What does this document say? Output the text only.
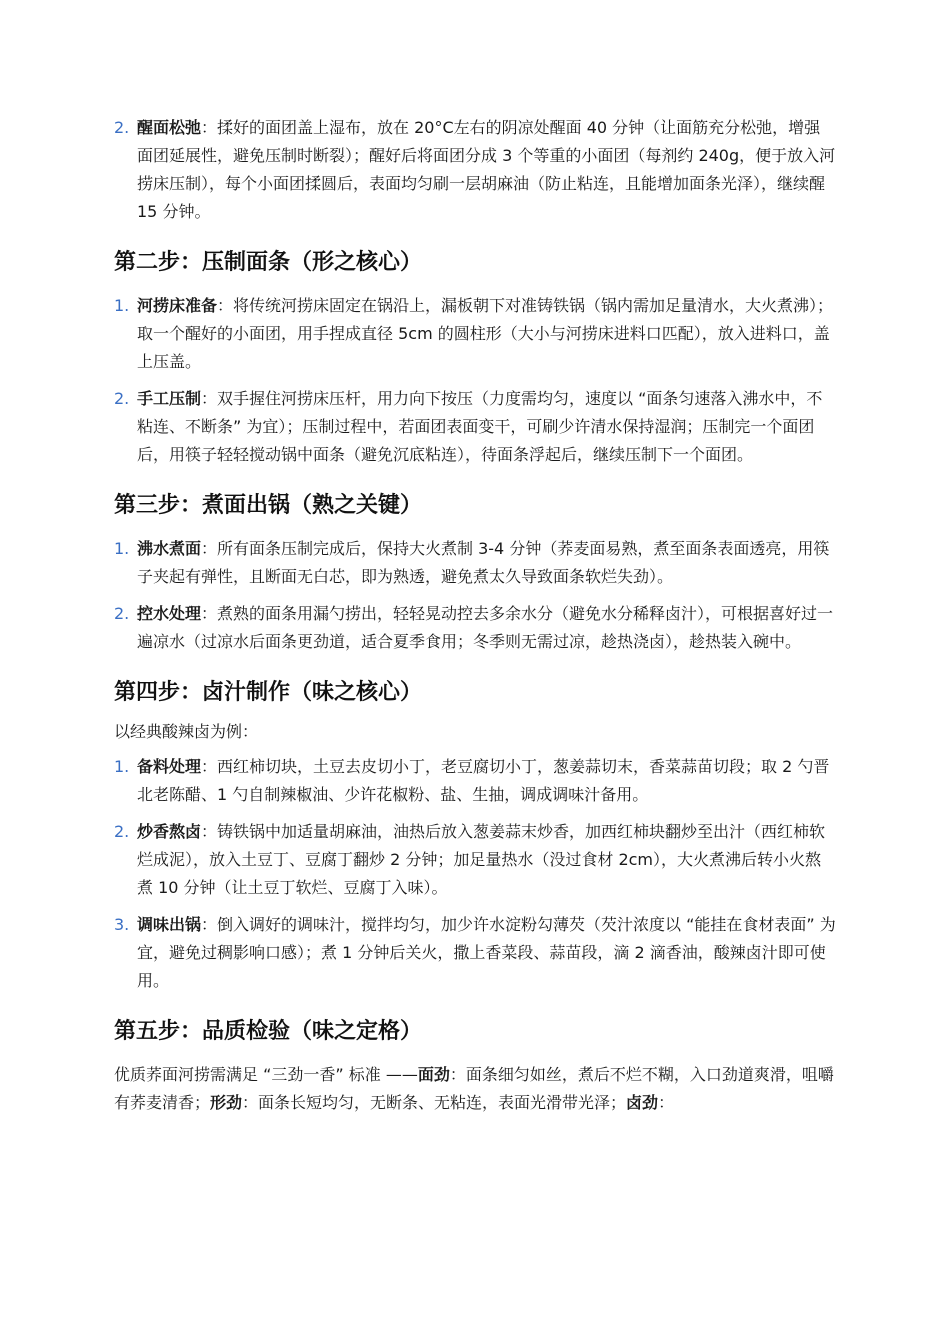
2. 醒面松弛：揉好的面团盖上湿布，放在 20°C左右的阴凉处醒面 40 分钟（让面筋充分松弛，增强面团延展性，避免压制时断裂）；醒好后将面团分成 3 个等重的小面团（每剂约 240g，便于放入河捞床压制），每个小面团揉圆后，表面均匀刷一层胡麻油（防止粘连，且能增加面条光泽），继续醒 15 分钟。
第二步：压制面条（形之核心）
1. 河捞床准备：将传统河捞床固定在锅沿上，漏板朝下对准铸铁锅（锅内需加足量清水，大火煮沸）；取一个醒好的小面团，用手捏成直径 5cm 的圆柱形（大小与河捞床进料口匹配），放入进料口，盖上压盖。
2. 手工压制：双手握住河捞床压杆，用力向下按压（力度需均匀，速度以 “面条匀速落入沸水中，不粘连、不断条” 为宜）；压制过程中，若面团表面变干，可刷少许清水保持湿润；压制完一个面团后，用筷子轻轻搅动锅中面条（避免沉底粘连），待面条浮起后，继续压制下一个面团。
第三步：煮面出锅（熟之关键）
1. 沸水煮面：所有面条压制完成后，保持大火煮制 3-4 分钟（荞麦面易熟，煮至面条表面透亮，用筷子夹起有弹性，且断面无白芯，即为熟透，避免煮太久导致面条软烂失劲）。
2. 控水处理：煮熟的面条用漏勺捞出，轻轻晃动控去多余水分（避免水分稀释卤汁），可根据喜好过一遍凉水（过凉水后面条更劲道，适合夏季食用；冬季则无需过凉，趁热浇卤），趁热装入碗中。
第四步：卤汁制作（味之核心）

以经典酸辣卤为例：

1. 备料处理：西红柿切块，土豆去皮切小丁，老豆腐切小丁，葱姜蒜切末，香菜蒜苗切段；取 2 勺晋北老陈醋、1 勺自制辣椒油、少许花椒粉、盐、生抽，调成调味汁备用。
2. 炒香熬卤：铸铁锅中加适量胡麻油，油热后放入葱姜蒜末炒香，加西红柿块翻炒至出汁（西红柿软烂成泥），放入土豆丁、豆腐丁翻炒 2 分钟；加足量热水（没过食材 2cm），大火煮沸后转小火熬煮 10 分钟（让土豆丁软烂、豆腐丁入味）。
3. 调味出锅：倒入调好的调味汁，搅拌均匀，加少许水淀粉勾薄芡（芡汁浓度以 “能挂在食材表面” 为宜，避免过稠影响口感）；煮 1 分钟后关火，撒上香菜段、蒜苗段，滴 2 滴香油，酸辣卤汁即可使用。
第五步：品质检验（味之定格）

优质荞面河捞需满足 “三劲一香” 标准 ——面劲：面条细匀如丝，煮后不烂不糊，入口劲道爽滑，咀嚼有荞麦清香；形劲：面条长短均匀，无断条、无粘连，表面光滑带光泽；卤劲：
